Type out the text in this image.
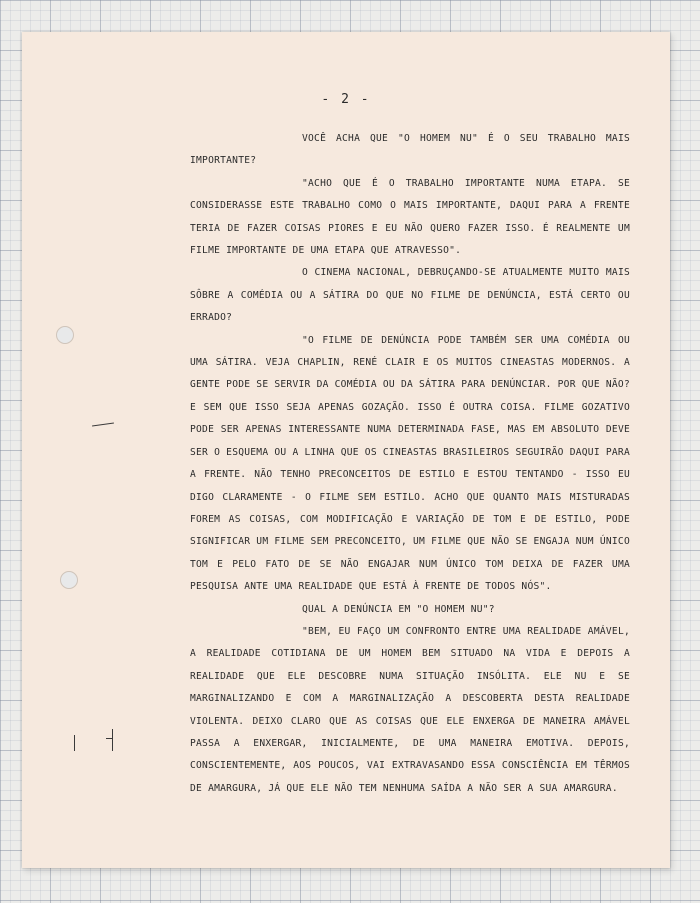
- 2 -

VOCÊ ACHA QUE "O HOMEM NU" É O SEU TRABALHO MAIS IMPORTANTE?

"ACHO QUE É O TRABALHO IMPORTANTE NUMA ETAPA. SE CONSIDERASSE ESTE TRABALHO COMO O MAIS IMPORTANTE, DAQUI PARA A FRENTE TERIA DE FAZER COISAS PIORES E EU NÃO QUERO FAZER ISSO. É REALMENTE UM FILME IMPORTANTE DE UMA ETAPA QUE ATRAVESSO".

O CINEMA NACIONAL, DEBRUÇANDO-SE ATUALMENTE MUITO MAIS SÔBRE A COMÉDIA OU A SÁTIRA DO QUE NO FILME DE DENÚNCIA, ESTÁ CERTO OU ERRADO?

"O FILME DE DENÚNCIA PODE TAMBÉM SER UMA COMÉDIA OU UMA SÁTIRA. VEJA CHAPLIN, RENÉ CLAIR E OS MUITOS CINEASTAS MODERNOS. A GENTE PODE SE SERVIR DA COMÉDIA OU DA SÁTIRA PARA DENÚNCIAR. POR QUE NÃO? E SEM QUE ISSO SEJA APENAS GOZAÇÃO. ISSO É OUTRA COISA. FILME GOZATIVO PODE SER APENAS INTERESSANTE NUMA DETERMINADA FASE, MAS EM ABSOLUTO DEVE SER O ESQUEMA OU A LINHA QUE OS CINEASTAS BRASILEIROS SEGUIRÃO DAQUI PARA A FRENTE. NÃO TENHO PRECONCEITOS DE ESTILO E ESTOU TENTANDO - ISSO EU DIGO CLARAMENTE - O FILME SEM ESTILO. ACHO QUE QUANTO MAIS MISTURADAS FOREM AS COISAS, COM MODIFICAÇÃO E VARIAÇÃO DE TOM E DE ESTILO, PODE SIGNIFICAR UM FILME SEM PRECONCEITO, UM FILME QUE NÃO SE ENGAJA NUM ÚNICO TOM E PELO FATO DE SE NÃO ENGAJAR NUM ÚNICO TOM DEIXA DE FAZER UMA PESQUISA ANTE UMA REALIDADE QUE ESTÁ À FRENTE DE TODOS NÓS".

QUAL A DENÚNCIA EM "O HOMEM NU"?

"BEM, EU FAÇO UM CONFRONTO ENTRE UMA REALIDADE AMÁVEL, A REALIDADE COTIDIANA DE UM HOMEM BEM SITUADO NA VIDA E DEPOIS A REALIDADE QUE ELE DESCOBRE NUMA SITUAÇÃO INSÓLITA. ELE NU E SE MARGINALIZANDO E COM A MARGINALIZAÇÃO A DESCOBERTA DESTA REALIDADE VIOLENTA. DEIXO CLARO QUE AS COISAS QUE ELE ENXERGA DE MANEIRA AMÁVEL PASSA A ENXERGAR, INICIALMENTE, DE UMA MANEIRA EMOTIVA. DEPOIS, CONSCIENTEMENTE, AOS POUCOS, VAI EXTRAVASANDO ESSA CONSCIÊNCIA EM TÊRMOS DE AMARGURA, JÁ QUE ELE NÃO TEM NENHUMA SAÍDA A NÃO SER A SUA AMARGURA.
